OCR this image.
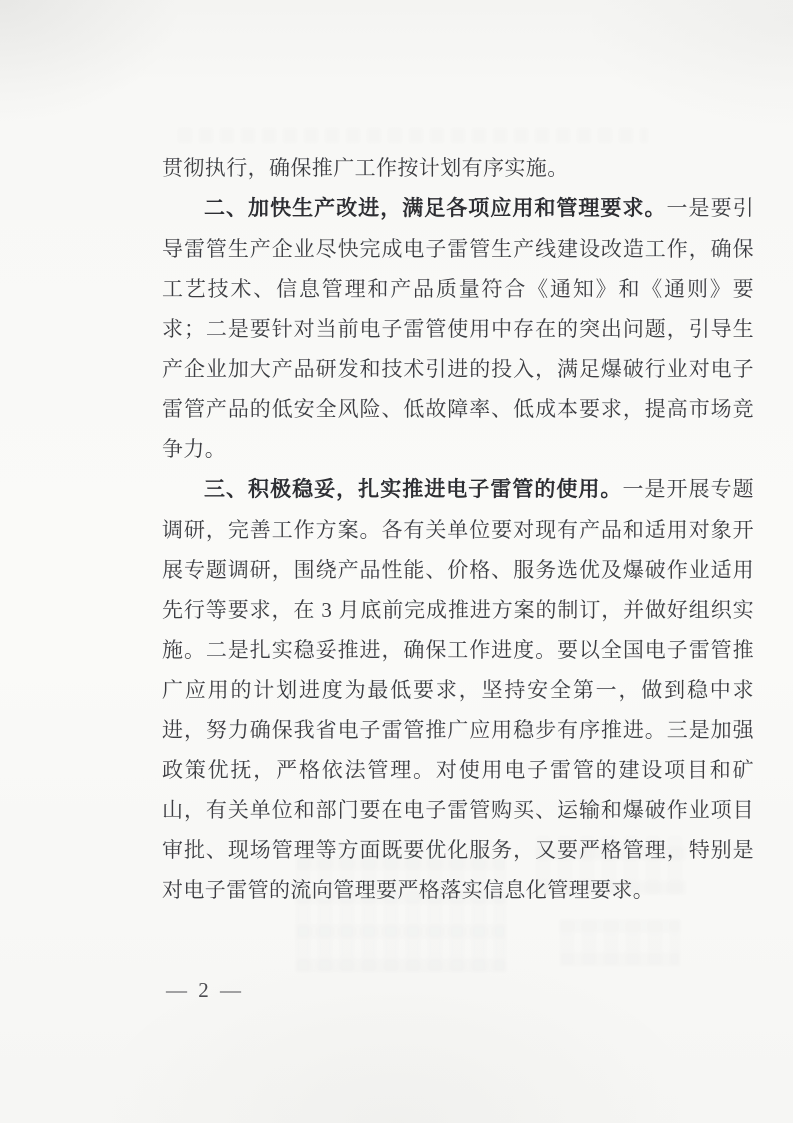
贯彻执行，确保推广工作按计划有序实施。

二、加快生产改进，满足各项应用和管理要求。一是要引导雷管生产企业尽快完成电子雷管生产线建设改造工作，确保工艺技术、信息管理和产品质量符合《通知》和《通则》要求；二是要针对当前电子雷管使用中存在的突出问题，引导生产企业加大产品研发和技术引进的投入，满足爆破行业对电子雷管产品的低安全风险、低故障率、低成本要求，提高市场竞争力。

三、积极稳妥，扎实推进电子雷管的使用。一是开展专题调研，完善工作方案。各有关单位要对现有产品和适用对象开展专题调研，围绕产品性能、价格、服务选优及爆破作业适用先行等要求，在 3 月底前完成推进方案的制订，并做好组织实施。二是扎实稳妥推进，确保工作进度。要以全国电子雷管推广应用的计划进度为最低要求，坚持安全第一，做到稳中求进，努力确保我省电子雷管推广应用稳步有序推进。三是加强政策优抚，严格依法管理。对使用电子雷管的建设项目和矿山，有关单位和部门要在电子雷管购买、运输和爆破作业项目审批、现场管理等方面既要优化服务，又要严格管理，特别是对电子雷管的流向管理要严格落实信息化管理要求。

— 2 —
